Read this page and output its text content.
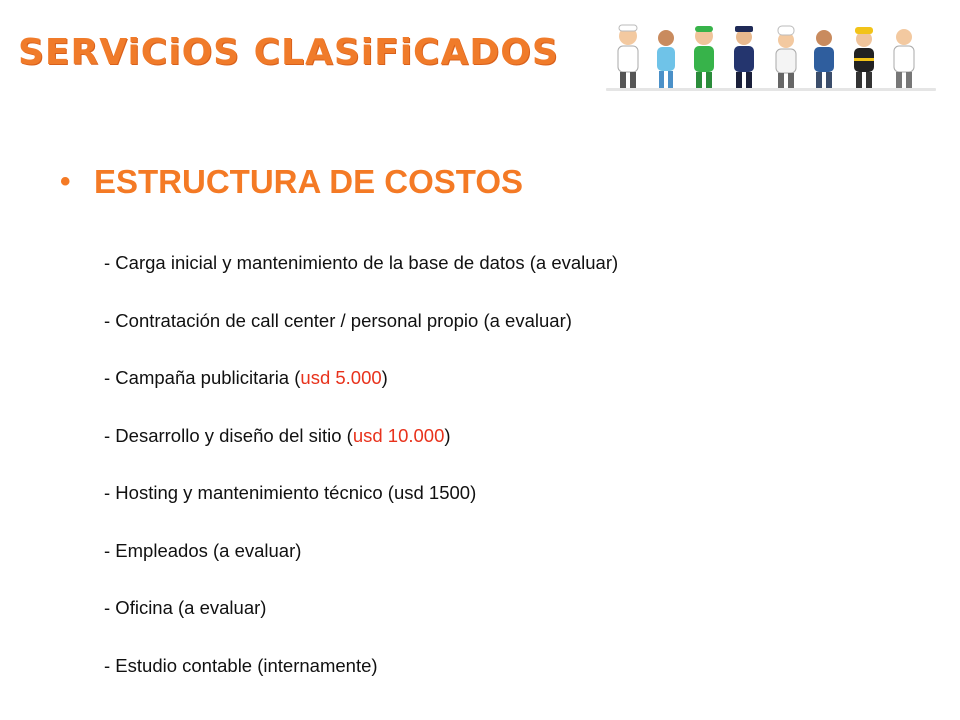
SERViCiOS CLASiFiCADOS
• ESTRUCTURA DE COSTOS
- Carga inicial y mantenimiento de la base de datos (a evaluar)
- Contratación de call center / personal propio (a evaluar)
- Campaña publicitaria (usd 5.000)
- Desarrollo y diseño del sitio (usd 10.000)
- Hosting y mantenimiento técnico (usd 1500)
- Empleados (a evaluar)
- Oficina (a evaluar)
- Estudio contable (internamente)
